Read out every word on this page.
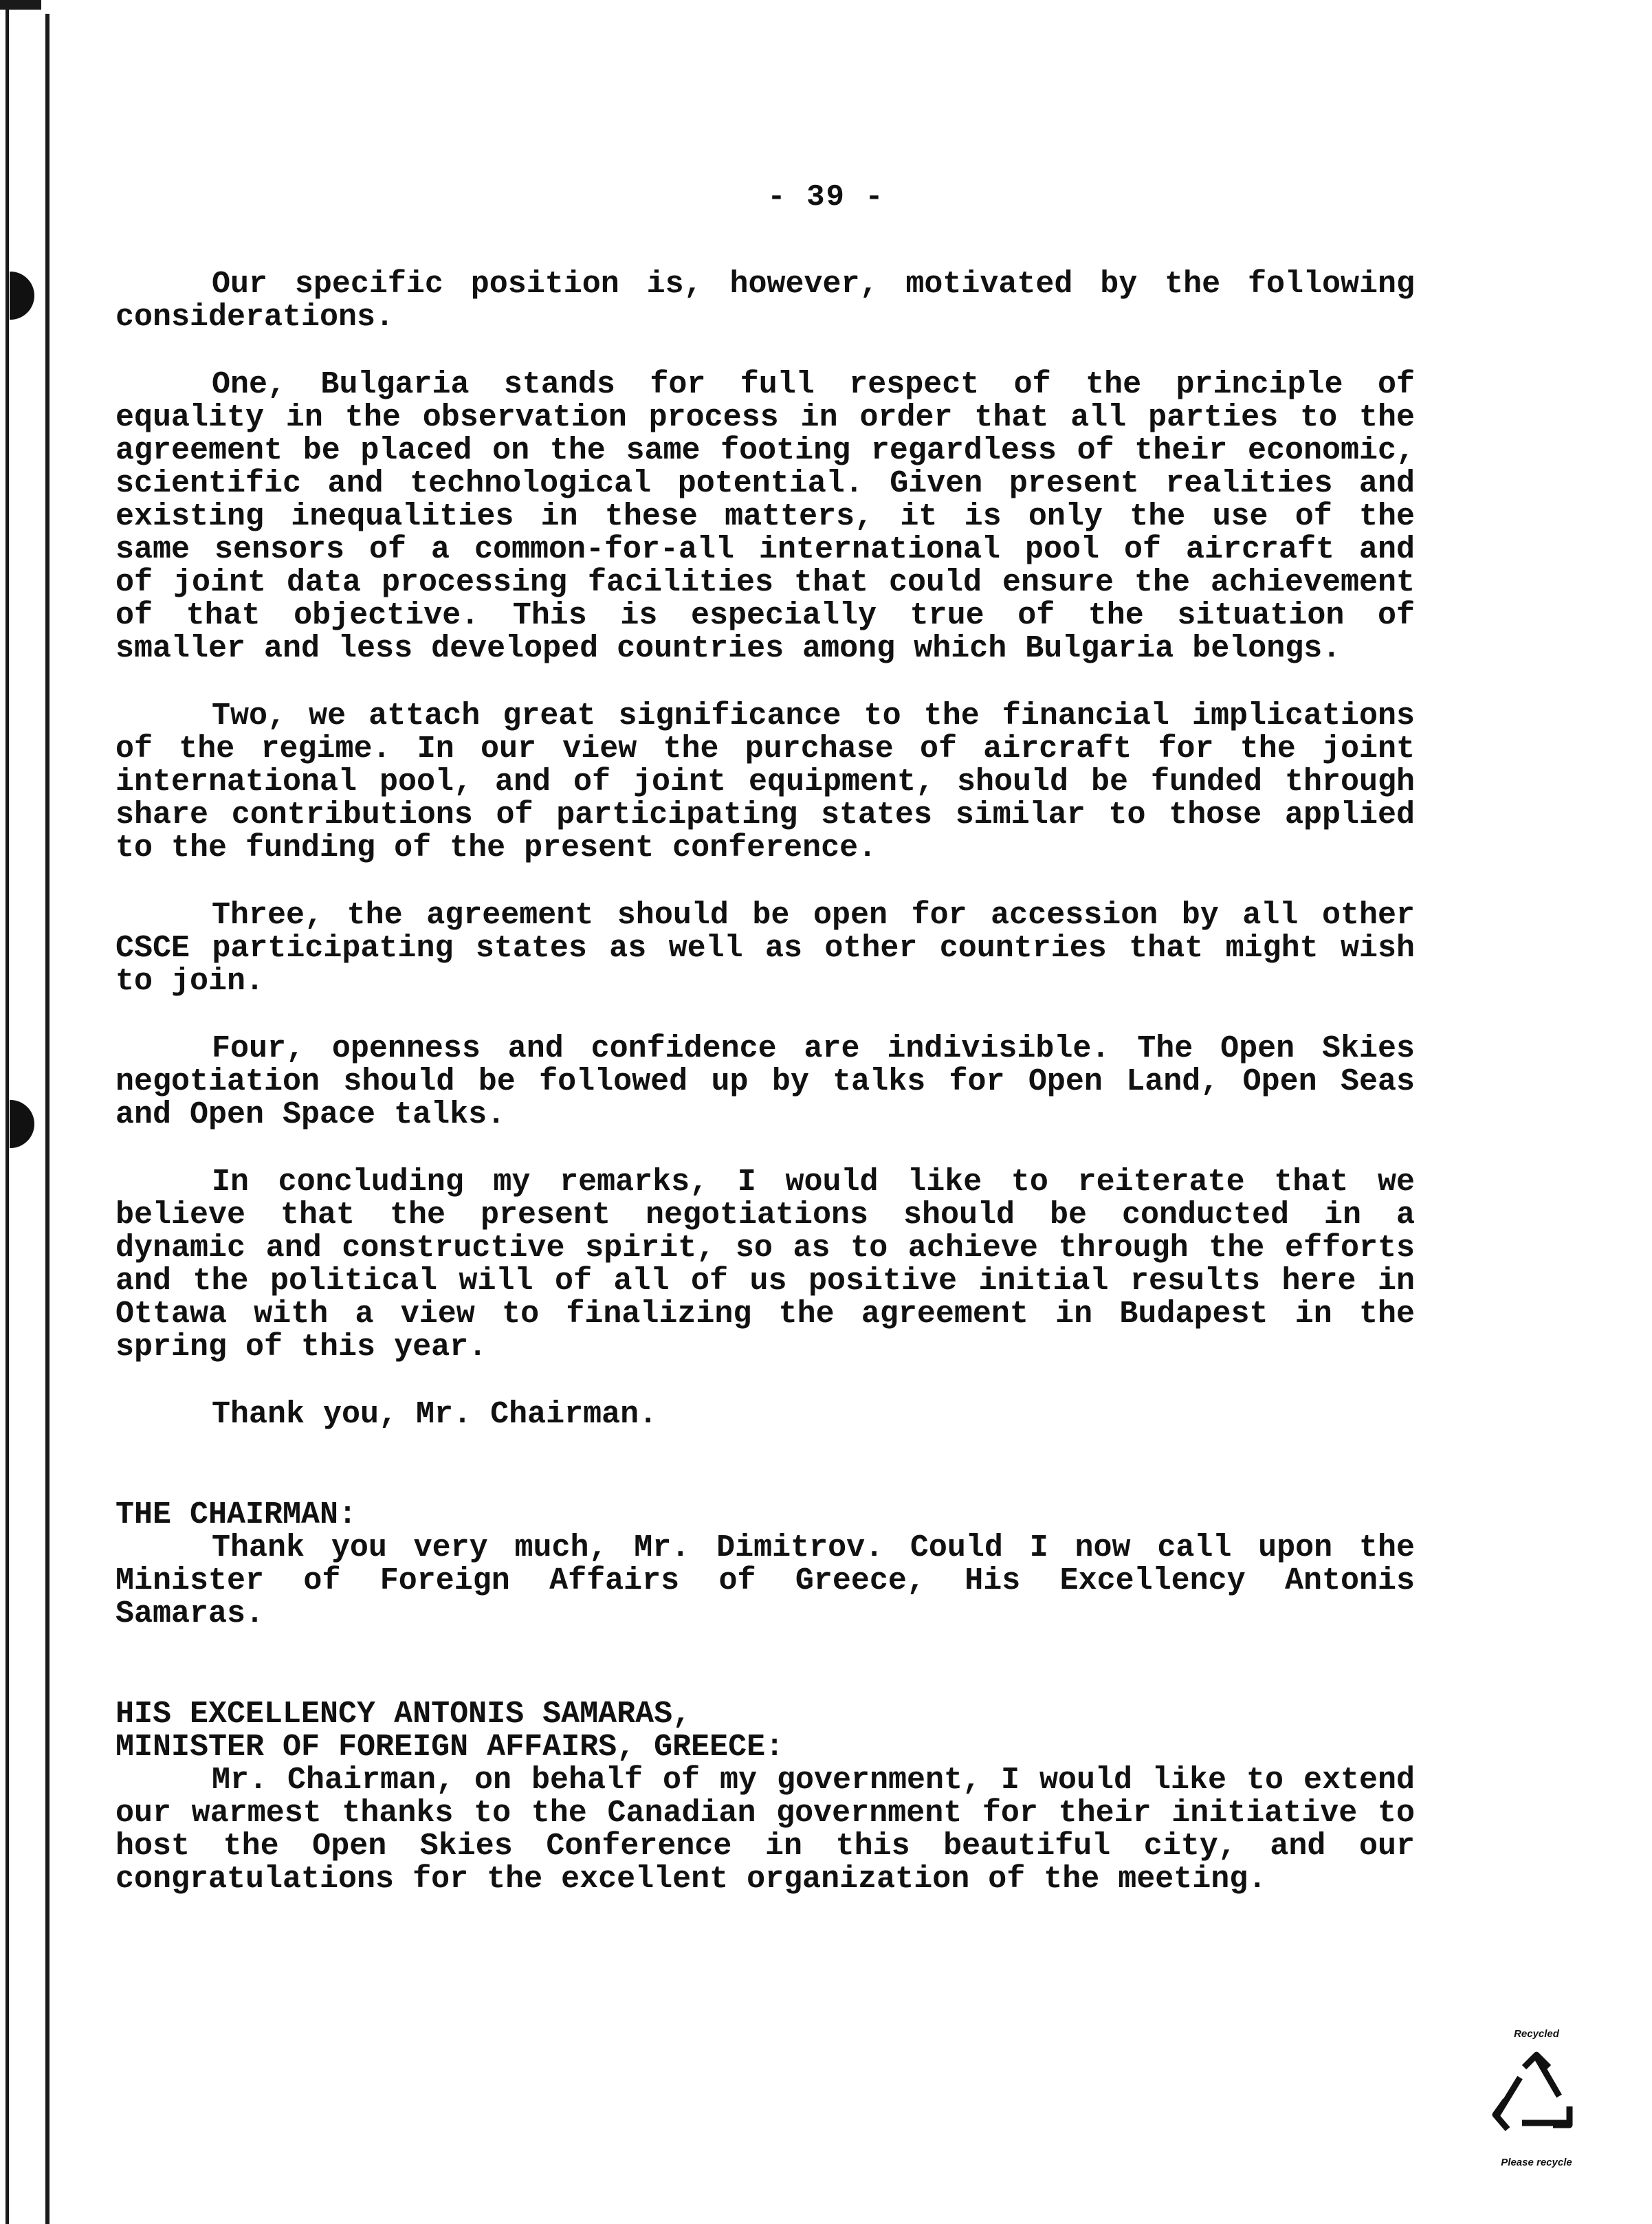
- 39 -

Our specific position is, however, motivated by the following considerations.

One, Bulgaria stands for full respect of the principle of equality in the observation process in order that all parties to the agreement be placed on the same footing regardless of their economic, scientific and technological potential. Given present realities and existing inequalities in these matters, it is only the use of the same sensors of a common-for-all international pool of aircraft and of joint data processing facilities that could ensure the achievement of that objective. This is especially true of the situation of smaller and less developed countries among which Bulgaria belongs.

Two, we attach great significance to the financial implications of the regime. In our view the purchase of aircraft for the joint international pool, and of joint equipment, should be funded through share contributions of participating states similar to those applied to the funding of the present conference.

Three, the agreement should be open for accession by all other CSCE participating states as well as other countries that might wish to join.

Four, openness and confidence are indivisible. The Open Skies negotiation should be followed up by talks for Open Land, Open Seas and Open Space talks.

In concluding my remarks, I would like to reiterate that we believe that the present negotiations should be conducted in a dynamic and constructive spirit, so as to achieve through the efforts and the political will of all of us positive initial results here in Ottawa with a view to finalizing the agreement in Budapest in the spring of this year.

Thank you, Mr. Chairman.

THE CHAIRMAN:

Thank you very much, Mr. Dimitrov. Could I now call upon the Minister of Foreign Affairs of Greece, His Excellency Antonis Samaras.

HIS EXCELLENCY ANTONIS SAMARAS,

MINISTER OF FOREIGN AFFAIRS, GREECE:

Mr. Chairman, on behalf of my government, I would like to extend our warmest thanks to the Canadian government for their initiative to host the Open Skies Conference in this beautiful city, and our congratulations for the excellent organization of the meeting.

Recycled
Please recycle
